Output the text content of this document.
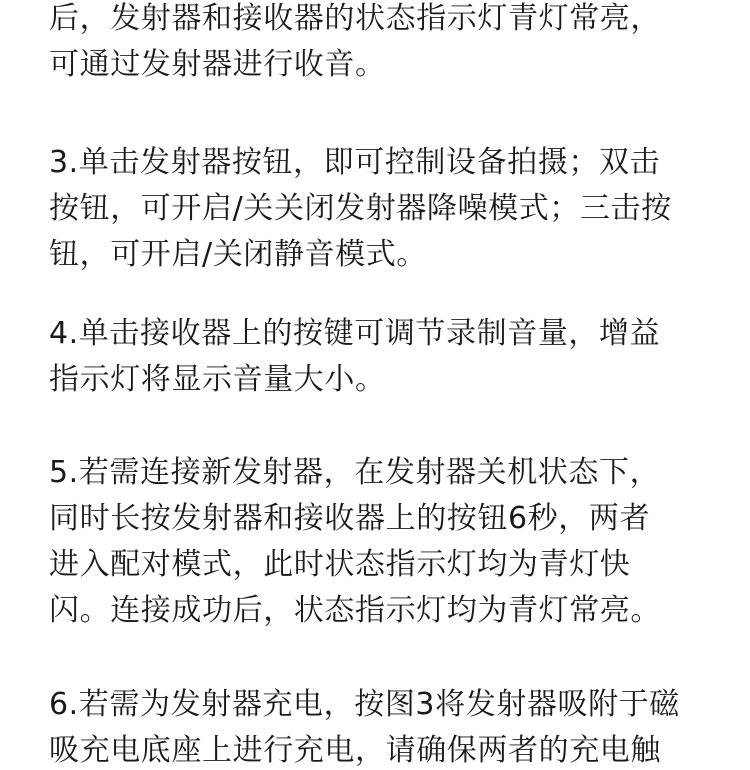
后，发射器和接收器的状态指示灯青灯常亮，
可通过发射器进行收音。
3.单击发射器按钮，即可控制设备拍摄；双击
按钮，可开启/关关闭发射器降噪模式；三击按
钮，可开启/关闭静音模式。
4.单击接收器上的按键可调节录制音量，增益
指示灯将显示音量大小。
5.若需连接新发射器，在发射器关机状态下，
同时长按发射器和接收器上的按钮6秒，两者
进入配对模式，此时状态指示灯均为青灯快
闪。连接成功后，状态指示灯均为青灯常亮。
6.若需为发射器充电，按图3将发射器吸附于磁
吸充电底座上进行充电，请确保两者的充电触
